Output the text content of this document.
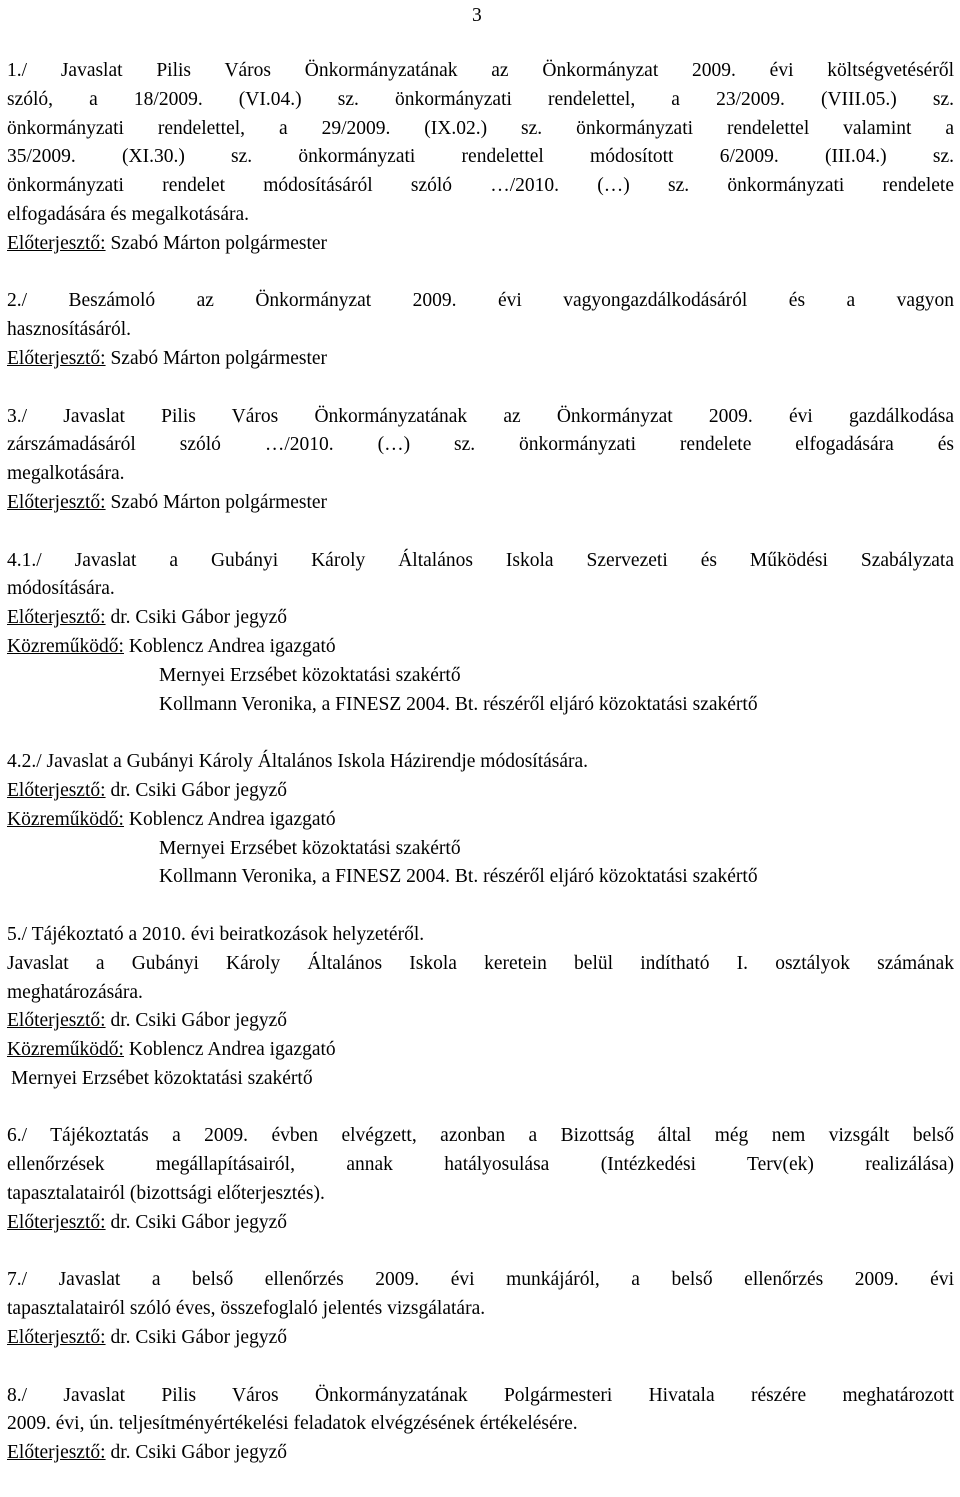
3
1./ Javaslat Pilis Város Önkormányzatának az Önkormányzat 2009. évi költségvetéséről
szóló, a 18/2009. (VI.04.) sz. önkormányzati rendelettel, a 23/2009. (VIII.05.) sz.
önkormányzati rendelettel, a 29/2009. (IX.02.) sz. önkormányzati rendelettel valamint a
35/2009. (XI.30.) sz. önkormányzati rendelettel módosított 6/2009. (III.04.) sz.
önkormányzati rendelet módosításáról szóló …/2010. (…) sz. önkormányzati rendelete
elfogadására és megalkotására.
Előterjesztő: Szabó Márton polgármester
2./ Beszámoló az Önkormányzat 2009. évi vagyongazdálkodásáról és a vagyon
hasznosításáról.
Előterjesztő: Szabó Márton polgármester
3./ Javaslat Pilis Város Önkormányzatának az Önkormányzat 2009. évi gazdálkodása
zárszámadásáról szóló …/2010. (…) sz. önkormányzati rendelete elfogadására és
megalkotására.
Előterjesztő: Szabó Márton polgármester
4.1./ Javaslat a Gubányi Károly Általános Iskola Szervezeti és Működési Szabályzata
módosítására.
Előterjesztő: dr. Csiki Gábor jegyző
Közreműködő: Koblencz Andrea igazgató
Mernyei Erzsébet közoktatási szakértő
Kollmann Veronika, a FINESZ 2004. Bt. részéről eljáró közoktatási szakértő
4.2./ Javaslat a Gubányi Károly Általános Iskola Házirendje módosítására.
Előterjesztő: dr. Csiki Gábor jegyző
Közreműködő: Koblencz Andrea igazgató
Mernyei Erzsébet közoktatási szakértő
Kollmann Veronika, a FINESZ 2004. Bt. részéről eljáró közoktatási szakértő
5./ Tájékoztató a 2010. évi beiratkozások helyzetéről.
Javaslat a Gubányi Károly Általános Iskola keretein belül indítható I. osztályok számának
meghatározására.
Előterjesztő: dr. Csiki Gábor jegyző
Közreműködő: Koblencz Andrea igazgató
Mernyei Erzsébet közoktatási szakértő
6./ Tájékoztatás a 2009. évben elvégzett, azonban a Bizottság által még nem vizsgált belső
ellenőrzések megállapításairól, annak hatályosulása (Intézkedési Terv(ek) realizálása)
tapasztalatairól (bizottsági előterjesztés).
Előterjesztő: dr. Csiki Gábor jegyző
7./ Javaslat a belső ellenőrzés 2009. évi munkájáról, a belső ellenőrzés 2009. évi
tapasztalatairól szóló éves, összefoglaló jelentés vizsgálatára.
Előterjesztő: dr. Csiki Gábor jegyző
8./ Javaslat Pilis Város Önkormányzatának Polgármesteri Hivatala részére meghatározott
2009. évi, ún. teljesítményértékelési feladatok elvégzésének értékelésére.
Előterjesztő: dr. Csiki Gábor jegyző
